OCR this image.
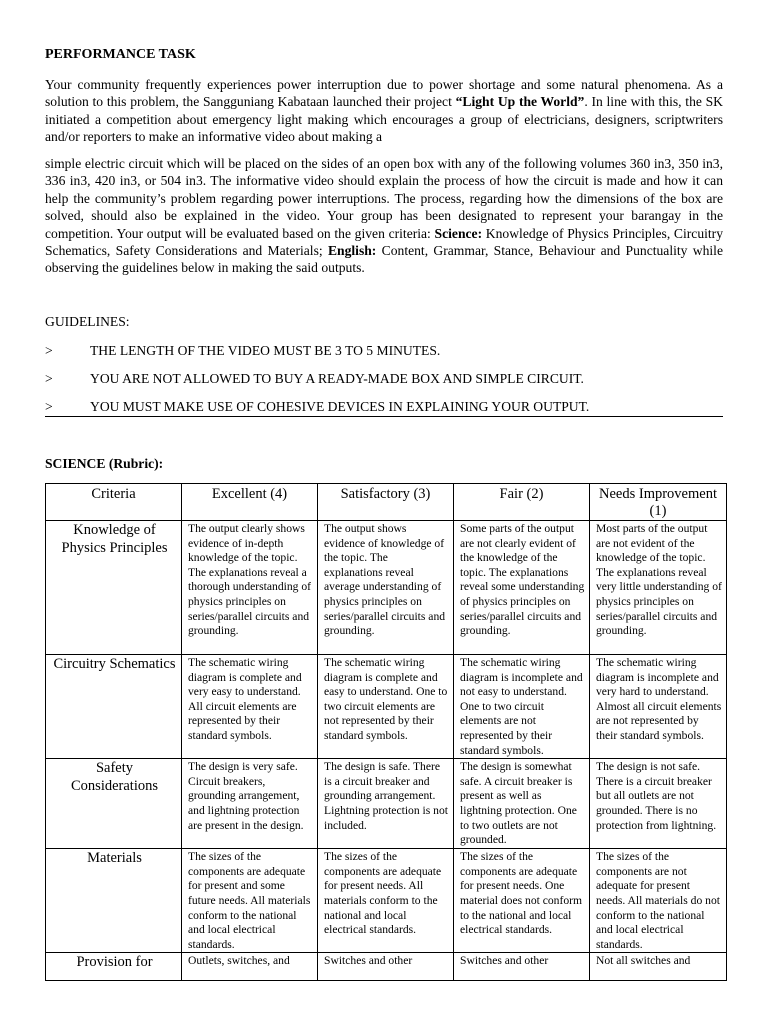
PERFORMANCE TASK

Your community frequently experiences power interruption due to power shortage and some natural phenomena. As a solution to this problem, the Sangguniang Kabataan launched their project “Light Up the World”. In line with this, the SK initiated a competition about emergency light making which encourages a group of electricians, designers, scriptwriters and/or reporters to make an informative video about making a

simple electric circuit which will be placed on the sides of an open box with any of the following volumes 360 in3, 350 in3, 336 in3, 420 in3, or 504 in3. The informative video should explain the process of how the circuit is made and how it can help the community’s problem regarding power interruptions. The process, regarding how the dimensions of the box are solved, should also be explained in the video. Your group has been designated to represent your barangay in the competition. Your output will be evaluated based on the given criteria: Science: Knowledge of Physics Principles, Circuitry Schematics, Safety Considerations and Materials; English: Content, Grammar, Stance, Behaviour and Punctuality while observing the guidelines below in making the said outputs.

GUIDELINES:
>	THE LENGTH OF THE VIDEO MUST BE 3 TO 5 MINUTES.
>	YOU ARE NOT ALLOWED TO BUY A READY-MADE BOX AND SIMPLE CIRCUIT.
>	YOU MUST MAKE USE OF COHESIVE DEVICES IN EXPLAINING YOUR OUTPUT.
SCIENCE (Rubric):
Criteria	Excellent (4)	Satisfactory (3)	Fair (2)	Needs Improvement (1)
Knowledge of Physics Principles	The output clearly shows evidence of in-depth knowledge of the topic. The explanations reveal a thorough understanding of physics principles on series/parallel circuits and grounding.	The output shows evidence of knowledge of the topic. The explanations reveal average understanding of physics principles on series/parallel circuits and grounding.	Some parts of the output are not clearly evident of the knowledge of the topic. The explanations reveal some understanding of physics principles on series/parallel circuits and grounding.	Most parts of the output are not evident of the knowledge of the topic. The explanations reveal very little understanding of physics principles on series/parallel circuits and grounding.
Circuitry Schematics	The schematic wiring diagram is complete and very easy to understand. All circuit elements are represented by their standard symbols.	The schematic wiring diagram is complete and easy to understand. One to two circuit elements are not represented by their standard symbols.	The schematic wiring diagram is incomplete and not easy to understand. One to two circuit elements are not represented by their standard symbols.	The schematic wiring diagram is incomplete and very hard to understand. Almost all circuit elements are not represented by their standard symbols.
Safety Considerations	The design is very safe. Circuit breakers, grounding arrangement, and lightning protection are present in the design.	The design is safe. There is a circuit breaker and grounding arrangement. Lightning protection is not included.	The design is somewhat safe. A circuit breaker is present as well as lightning protection. One to two outlets are not grounded.	The design is not safe. There is a circuit breaker but all outlets are not grounded. There is no protection from lightning.
Materials	The sizes of the components are adequate for present and some future needs. All materials conform to the national and local electrical standards.	The sizes of the components are adequate for present needs. All materials conform to the national and local electrical standards.	The sizes of the components are adequate for present needs. One material does not conform to the national and local electrical standards.	The sizes of the components are not adequate for present needs. All materials do not conform to the national and local electrical standards.
Provision for	Outlets, switches, and	Switches and other	Switches and other	Not all switches and
